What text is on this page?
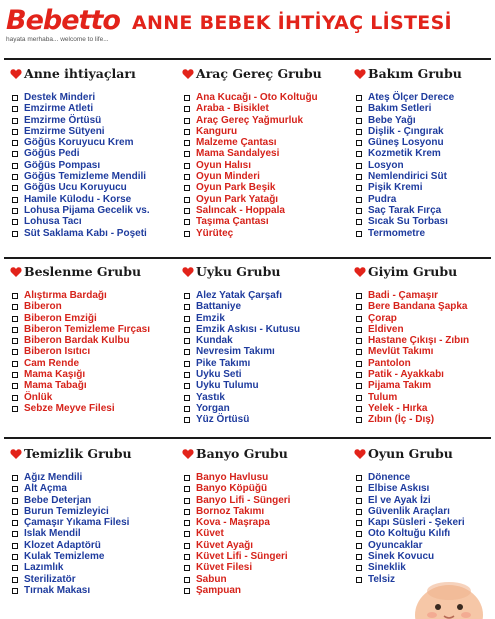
Bebetto
hayata merhaba... welcome to life...
ANNE BEBEK İHTİYAÇ LİSTESİ
Anne ihtiyaçları
Destek Minderi
Emzirme Atleti
Emzirme Örtüsü
Emzirme Sütyeni
Göğüs Koruyucu Krem
Göğüs Pedi
Göğüs Pompası
Göğüs Temizleme Mendili
Göğüs Ucu Koruyucu
Hamile Külodu - Korse
Lohusa Pijama Gecelik vs.
Lohusa Tacı
Süt Saklama Kabı - Poşeti
Araç Gereç Grubu
Ana Kucağı - Oto Koltuğu
Araba - Bisiklet
Araç Gereç Yağmurluk
Kanguru
Malzeme Çantası
Mama Sandalyesi
Oyun Halısı
Oyun Minderi
Oyun Park Beşik
Oyun Park Yatağı
Salıncak - Hoppala
Taşıma Çantası
Yürüteç
Bakım Grubu
Ateş Ölçer Derece
Bakım Setleri
Bebe Yağı
Dişlik - Çıngırak
Güneş Losyonu
Kozmetik Krem
Losyon
Nemlendirici Süt
Pişik Kremi
Pudra
Saç Tarak Fırça
Sıcak Su Torbası
Termometre
Beslenme Grubu
Alıştırma Bardağı
Biberon
Biberon Emziği
Biberon Temizleme Fırçası
Biberon Bardak Kulbu
Biberon Isıtıcı
Cam Rende
Mama Kaşığı
Mama Tabağı
Önlük
Sebze Meyve Filesi
Uyku Grubu
Alez Yatak Çarşafı
Battaniye
Emzik
Emzik Askısı - Kutusu
Kundak
Nevresim Takımı
Pike Takımı
Uyku Seti
Uyku Tulumu
Yastık
Yorgan
Yüz Örtüsü
Giyim Grubu
Badi - Çamaşır
Bere Bandana Şapka
Çorap
Eldiven
Hastane Çıkışı - Zıbın
Mevlüt Takımı
Pantolon
Patik - Ayakkabı
Pijama Takım
Tulum
Yelek - Hırka
Zıbın (İç - Dış)
Temizlik Grubu
Ağız Mendili
Alt Açma
Bebe Deterjan
Burun Temizleyici
Çamaşır Yıkama Filesi
Islak Mendil
Klozet Adaptörü
Kulak Temizleme
Lazımlık
Sterilizatör
Tırnak Makası
Banyo Grubu
Banyo Havlusu
Banyo Köpüğü
Banyo Lifi - Süngeri
Bornoz Takımı
Kova - Maşrapa
Küvet
Küvet Ayağı
Küvet Lifi - Süngeri
Küvet Filesi
Sabun
Şampuan
Oyun Grubu
Dönence
Elbise Askısı
El ve Ayak İzi
Güvenlik Araçları
Kapı Süsleri - Şekeri
Oto Koltuğu Kılıfı
Oyuncaklar
Sinek Kovucu
Sineklik
Telsiz
